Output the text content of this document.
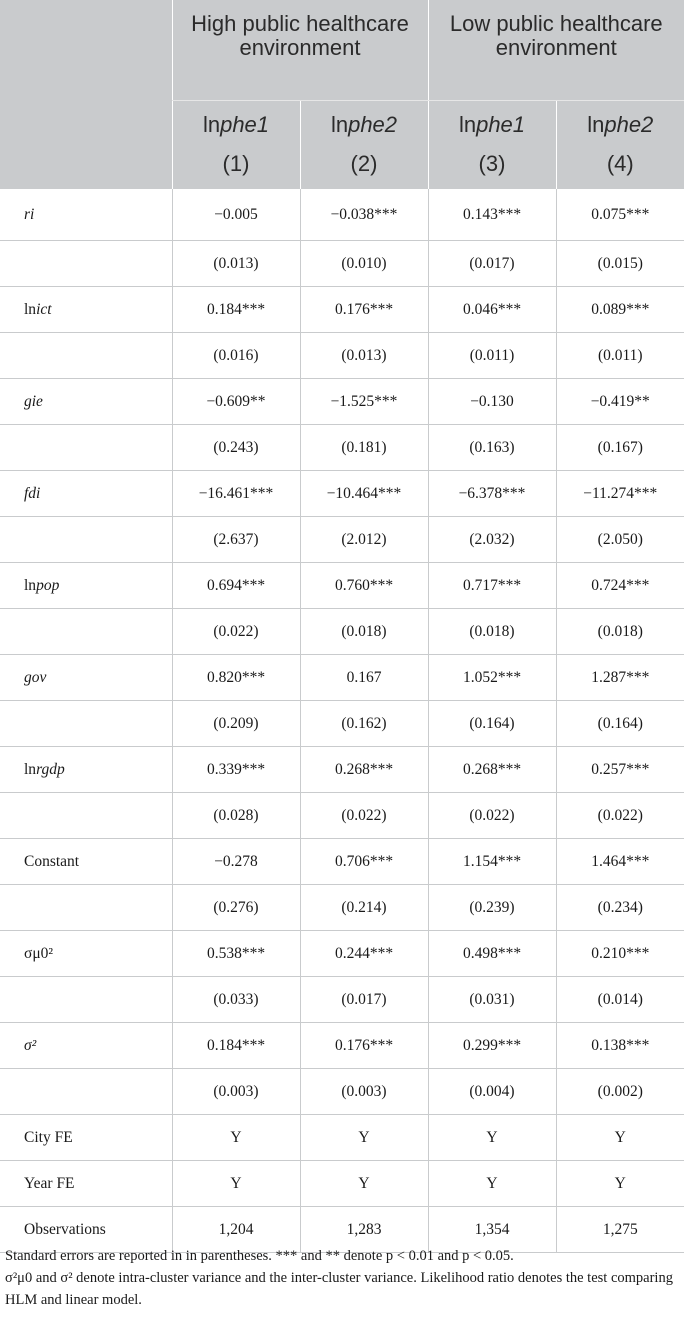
	High public healthcare environment		Low public healthcare environment	
	lnphe1	lnphe2	lnphe1	lnphe2
	(1)	(2)	(3)	(4)
ri	−0.005	−0.038***	0.143***	0.075***
	(0.013)	(0.010)	(0.017)	(0.015)
lnict	0.184***	0.176***	0.046***	0.089***
	(0.016)	(0.013)	(0.011)	(0.011)
gie	−0.609**	−1.525***	−0.130	−0.419**
	(0.243)	(0.181)	(0.163)	(0.167)
fdi	−16.461***	−10.464***	−6.378***	−11.274***
	(2.637)	(2.012)	(2.032)	(2.050)
lnpop	0.694***	0.760***	0.717***	0.724***
	(0.022)	(0.018)	(0.018)	(0.018)
gov	0.820***	0.167	1.052***	1.287***
	(0.209)	(0.162)	(0.164)	(0.164)
lnrgdp	0.339***	0.268***	0.268***	0.257***
	(0.028)	(0.022)	(0.022)	(0.022)
Constant	−0.278	0.706***	1.154***	1.464***
	(0.276)	(0.214)	(0.239)	(0.234)
σμ0²	0.538***	0.244***	0.498***	0.210***
	(0.033)	(0.017)	(0.031)	(0.014)
σ²	0.184***	0.176***	0.299***	0.138***
	(0.003)	(0.003)	(0.004)	(0.002)
City FE	Y	Y	Y	Y
Year FE	Y	Y	Y	Y
Observations	1,204	1,283	1,354	1,275

Standard errors are reported in in parentheses. *** and ** denote p < 0.01 and p < 0.05.

σ²μ0 and σ² denote intra-cluster variance and the inter-cluster variance. Likelihood ratio denotes the test comparing HLM and linear model.
